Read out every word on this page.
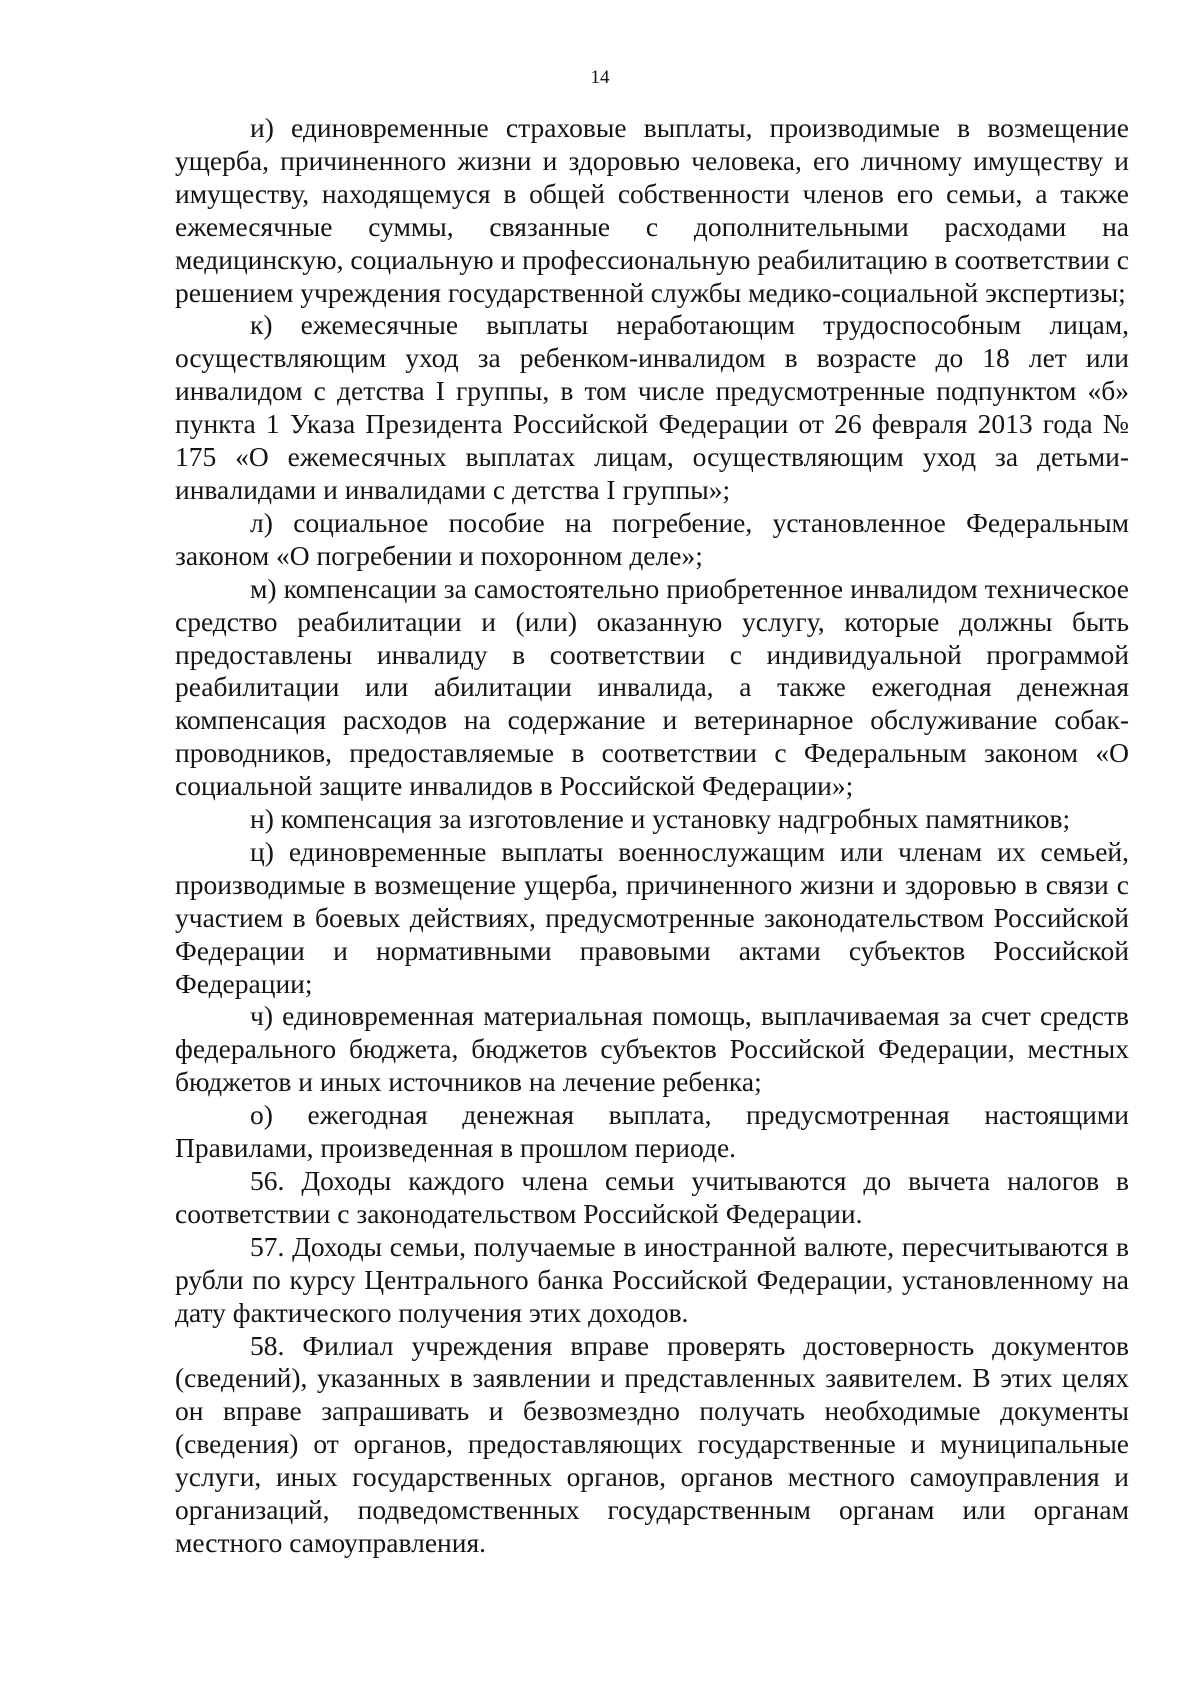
14

и) единовременные страховые выплаты, производимые в возмещение ущерба, причиненного жизни и здоровью человека, его личному имуществу и имуществу, находящемуся в общей собственности членов его семьи, а также ежемесячные суммы, связанные с дополнительными расходами на медицинскую, социальную и профессиональную реабилитацию в соответствии с решением учреждения государственной службы медико-социальной экспертизы;

к) ежемесячные выплаты неработающим трудоспособным лицам, осуществляющим уход за ребенком-инвалидом в возрасте до 18 лет или инвалидом с детства I группы, в том числе предусмотренные подпунктом «б» пункта 1 Указа Президента Российской Федерации от 26 февраля 2013 года № 175 «О ежемесячных выплатах лицам, осуществляющим уход за детьми-инвалидами и инвалидами с детства I группы»;

л) социальное пособие на погребение, установленное Федеральным законом «О погребении и похоронном деле»;

м) компенсации за самостоятельно приобретенное инвалидом техническое средство реабилитации и (или) оказанную услугу, которые должны быть предоставлены инвалиду в соответствии с индивидуальной программой реабилитации или абилитации инвалида, а также ежегодная денежная компенсация расходов на содержание и ветеринарное обслуживание собак-проводников, предоставляемые в соответствии с Федеральным законом «О социальной защите инвалидов в Российской Федерации»;

н) компенсация за изготовление и установку надгробных памятников;

ц) единовременные выплаты военнослужащим или членам их семьей, производимые в возмещение ущерба, причиненного жизни и здоровью в связи с участием в боевых действиях, предусмотренные законодательством Российской Федерации и нормативными правовыми актами субъектов Российской Федерации;

ч) единовременная материальная помощь, выплачиваемая за счет средств федерального бюджета, бюджетов субъектов Российской Федерации, местных бюджетов и иных источников на лечение ребенка;

о) ежегодная денежная выплата, предусмотренная настоящими Правилами, произведенная в прошлом периоде.

56. Доходы каждого члена семьи учитываются до вычета налогов в соответствии с законодательством Российской Федерации.

57. Доходы семьи, получаемые в иностранной валюте, пересчитываются в рубли по курсу Центрального банка Российской Федерации, установленному на дату фактического получения этих доходов.

58. Филиал учреждения вправе проверять достоверность документов (сведений), указанных в заявлении и представленных заявителем. В этих целях он вправе запрашивать и безвозмездно получать необходимые документы (сведения) от органов, предоставляющих государственные и муниципальные услуги, иных государственных органов, органов местного самоуправления и организаций, подведомственных государственным органам или органам местного самоуправления.
